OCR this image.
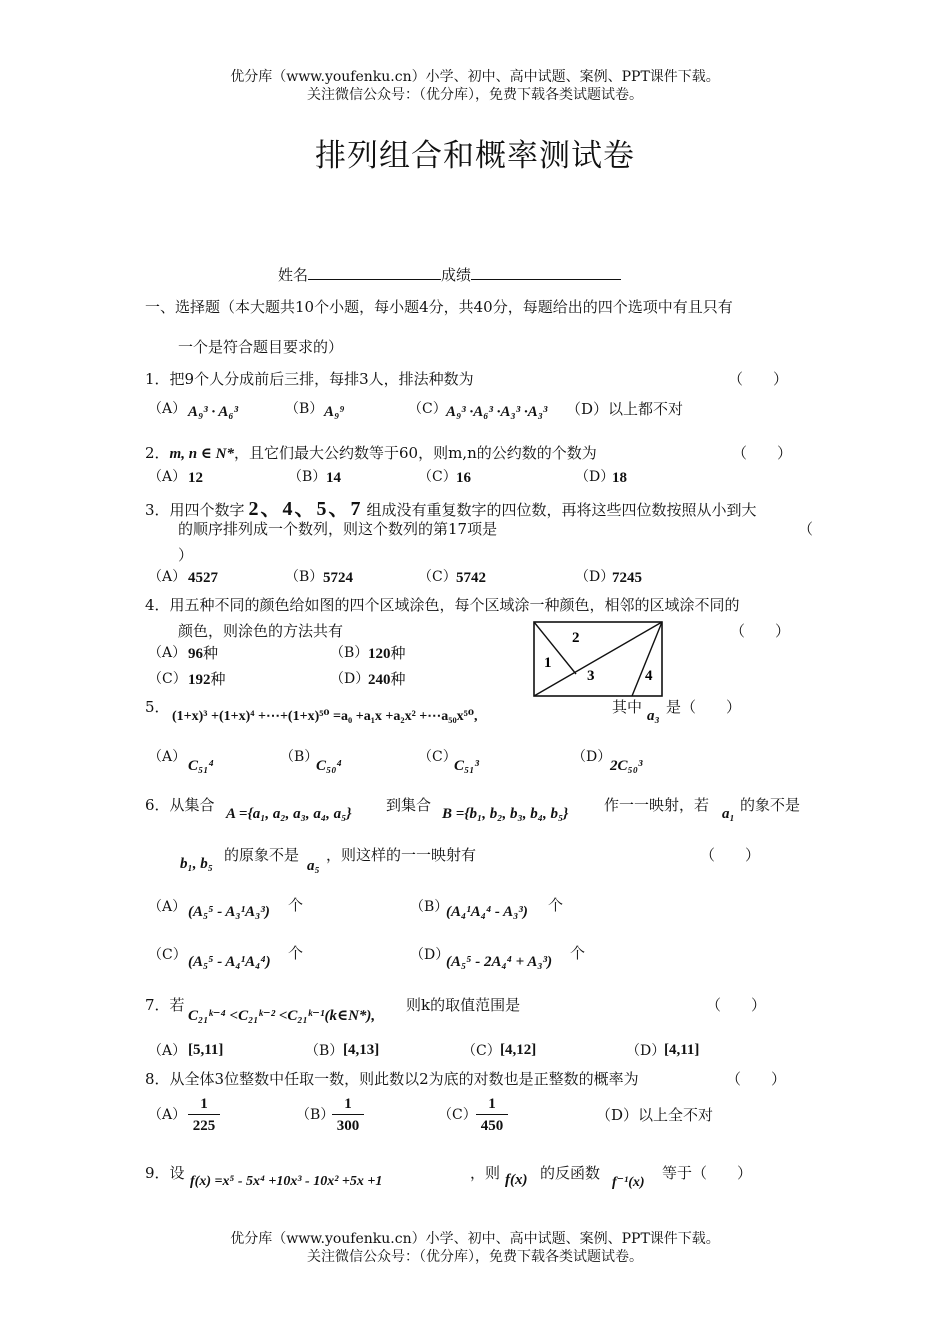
优分库（www.youfenku.cn）小学、初中、高中试题、案例、PPT课件下载。
关注微信公众号：（优分库），免费下载各类试题试卷。
排列组合和概率测试卷
姓名	成绩
一、选择题（本大题共10个小题，每小题4分，共40分，每题给出的四个选项中有且只有
一个是符合题目要求的）
1．把9个人分成前后三排，每排3人，排法种数为	（　　）
（A） A₉³ · A₆³	（B） A₉⁹	（C） A₉³ ·A₆³ ·A₃³ ·A₃³ （D）以上都不对
2．m, n ∈ N*，且它们最大公约数等于60，则m,n的公约数的个数为	（　　）
（A） 12	（B） 14	（C） 16	（D）
18
3．用四个数字 2、4、5、7 组成没有重复数字的四位数，再将这些四位数按照从小到大
的顺序排列成一个数列，则这个数列的第17项是	（
）
（A） 4527	（B） 5724	（C） 5742	（D）
7245
4．用五种不同的颜色给如图的四个区域涂色，每个区域涂一种颜色，相邻的区域涂不同的
颜色，则涂色的方法共有	（　　）
（A） 96种	（B） 120种
（C） 192种	（D）
240种
2
1
3	4
5．
(1+x)³ +(1+x)⁴ +⋯+(1+x)⁵⁰ =a₀ +a₁x +a₂x² +⋯a₅₀x⁵⁰,
其中 a₃ 是（　　）
（A）
C₅₁⁴
（B）
C₅₀⁴
（C）
C₅₁³
（D）
2C₅₀³
6．从集合 A ={a₁, a₂, a₃, a₄, a₅} 到集合 B ={b₁, b₂, b₃, b₄, b₅} 作一一映射，若 a₁ 的象不是
b₁, b₅ 的原象不是
a₅
，则这样的一一映射有	（　　）
（A） (A₅⁵ - A₃¹A₃³) 个	（B）
(A₄¹A₄⁴ - A₃³) 个
（C） (A₅⁵ - A₄¹A₄⁴) 个	（D）
(A₅⁵ - 2A₄⁴ + A₃³) 个
7．若
C₂₁ᵏ⁻⁴ <C₂₁ᵏ⁻² <C₂₁ᵏ⁻¹(k∈N*),
则k的取值范围是	（　　）
（A） [5,11]	（B） [4,13]	（C） [4,12]	（D）
[4,11]
8．从全体3位整数中任取一数，则此数以2为底的对数也是正整数的概率为	（　　）
$(A) \frac{1}{225}$	（B）
$\frac{1}{300}$	$(C) \frac{1}{450}$	（D）以上全不对
9．设 f(x) =x⁵ - 5x⁴ +10x³ - 10x² +5x +1	，则 f(x) 的反函数
f⁻¹(x)
等于（　　）
优分库（www.youfenku.cn）小学、初中、高中试题、案例、PPT课件下载。
关注微信公众号：（优分库），免费下载各类试题试卷。
